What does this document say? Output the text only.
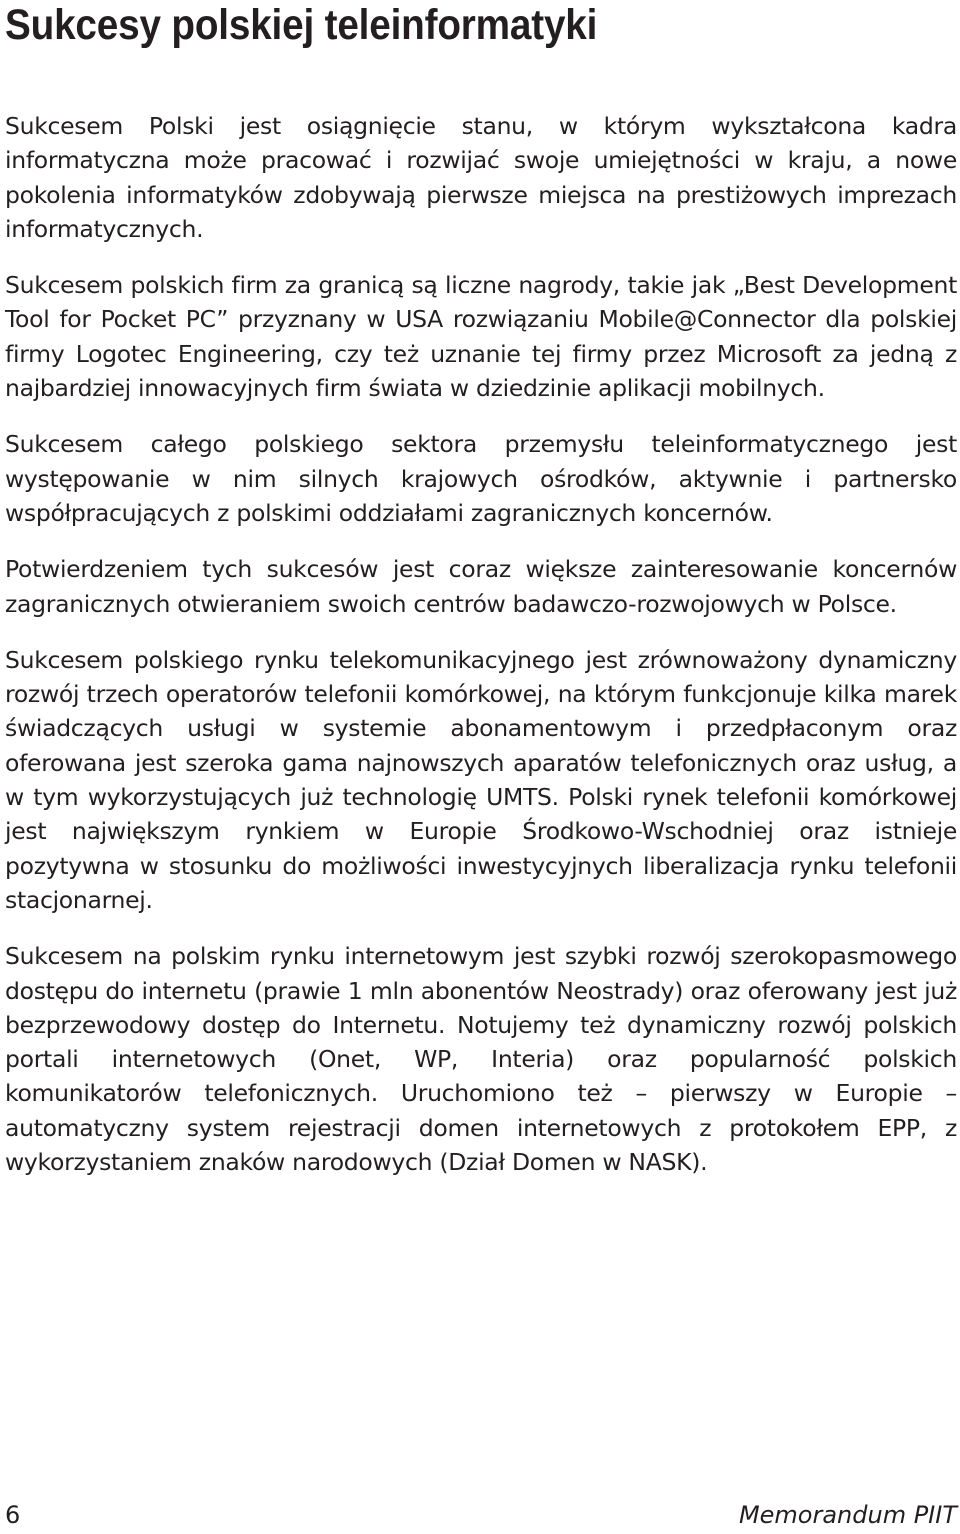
Sukcesy polskiej teleinformatyki

Sukcesem Polski jest osiągnięcie stanu, w którym wykształcona kadra informatyczna może pracować i rozwijać swoje umiejętności w kraju, a nowe pokolenia informatyków zdobywają pierwsze miejsca na prestiżowych imprezach informatycznych.

Sukcesem polskich firm za granicą są liczne nagrody, takie jak „Best Development Tool for Pocket PC” przyznany w USA rozwiązaniu Mobile@Connector dla polskiej firmy Logotec Engineering, czy też uznanie tej firmy przez Microsoft za jedną z najbardziej innowacyjnych firm świata w dziedzinie aplikacji mobilnych.

Sukcesem całego polskiego sektora przemysłu teleinformatycznego jest występowanie w nim silnych krajowych ośrodków, aktywnie i partnersko współpracujących z polskimi oddziałami zagranicznych koncernów.

Potwierdzeniem tych sukcesów jest coraz większe zainteresowanie koncernów zagranicznych otwieraniem swoich centrów badawczo-rozwojowych w Polsce.

Sukcesem polskiego rynku telekomunikacyjnego jest zrównoważony dynamiczny rozwój trzech operatorów telefonii komórkowej, na którym funkcjonuje kilka marek świadczących usługi w systemie abonamentowym i przedpłaconym oraz oferowana jest szeroka gama najnowszych aparatów telefonicznych oraz usług, a w tym wykorzystujących już technologię UMTS. Polski rynek telefonii komórkowej jest największym rynkiem w Europie Środkowo-Wschodniej oraz istnieje pozytywna w stosunku do możliwości inwestycyjnych liberalizacja rynku telefonii stacjonarnej.

Sukcesem na polskim rynku internetowym jest szybki rozwój szerokopasmowego dostępu do internetu (prawie 1 mln abonentów Neostrady) oraz oferowany jest już bezprzewodowy dostęp do Internetu. Notujemy też dynamiczny rozwój polskich portali internetowych (Onet, WP, Interia) oraz popularność polskich komunikatorów telefonicznych. Uruchomiono też – pierwszy w Europie – automatyczny system rejestracji domen internetowych z protokołem EPP, z wykorzystaniem znaków narodowych (Dział Domen w NASK).

6	Memorandum PIIT
